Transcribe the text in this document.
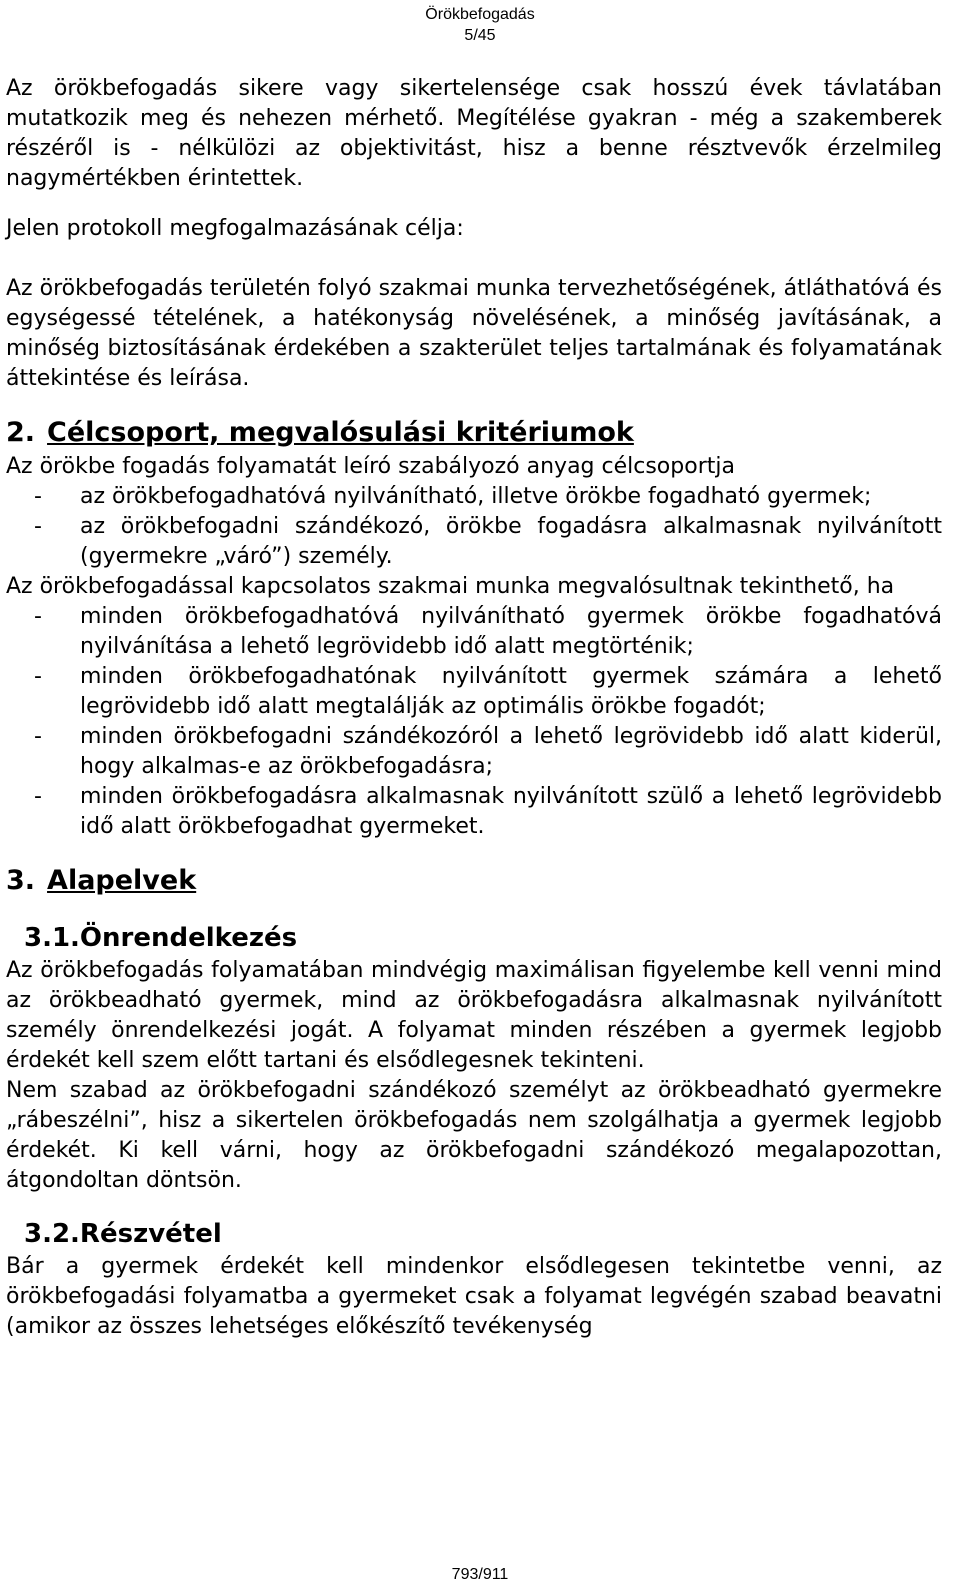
Örökbefogadás
5/45

Az örökbefogadás sikere vagy sikertelensége csak hosszú évek távlatában mutatkozik meg és nehezen mérhető. Megítélése gyakran - még a szakemberek részéről is - nélkülözi az objektivitást, hisz a benne résztvevők érzelmileg nagymértékben érintettek.

Jelen protokoll megfogalmazásának célja:

Az örökbefogadás területén folyó szakmai munka tervezhetőségének, átláthatóvá és egységessé tételének, a hatékonyság növelésének, a minőség javításának, a minőség biztosításának érdekében a szakterület teljes tartalmának és folyamatának áttekintése és leírása.

2. Célcsoport, megvalósulási kritériumok

Az örökbe fogadás folyamatát leíró szabályozó anyag célcsoportja

- az örökbefogadhatóvá nyilvánítható, illetve örökbe fogadható gyermek;
- az örökbefogadni szándékozó, örökbe fogadásra alkalmasnak nyilvánított (gyermekre „váró”) személy.

Az örökbefogadással kapcsolatos szakmai munka megvalósultnak tekinthető, ha

- minden örökbefogadhatóvá nyilvánítható gyermek örökbe fogadhatóvá nyilvánítása a lehető legrövidebb idő alatt megtörténik;
- minden örökbefogadhatónak nyilvánított gyermek számára a lehető legrövidebb idő alatt megtalálják az optimális örökbe fogadót;
- minden örökbefogadni szándékozóról a lehető legrövidebb idő alatt kiderül, hogy alkalmas-e az örökbefogadásra;
- minden örökbefogadásra alkalmasnak nyilvánított szülő a lehető legrövidebb idő alatt örökbefogadhat gyermeket.
3. Alapelvek
3.1.Önrendelkezés

Az örökbefogadás folyamatában mindvégig maximálisan figyelembe kell venni mind az örökbeadható gyermek, mind az örökbefogadásra alkalmasnak nyilvánított személy önrendelkezési jogát. A folyamat minden részében a gyermek legjobb érdekét kell szem előtt tartani és elsődlegesnek tekinteni.

Nem szabad az örökbefogadni szándékozó személyt az örökbeadható gyermekre „rábeszélni”, hisz a sikertelen örökbefogadás nem szolgálhatja a gyermek legjobb érdekét. Ki kell várni, hogy az örökbefogadni szándékozó megalapozottan, átgondoltan döntsön.

3.2.Részvétel

Bár a gyermek érdekét kell mindenkor elsődlegesen tekintetbe venni, az örökbefogadási folyamatba a gyermeket csak a folyamat legvégén szabad beavatni (amikor az összes lehetséges előkészítő tevékenység

793/911
